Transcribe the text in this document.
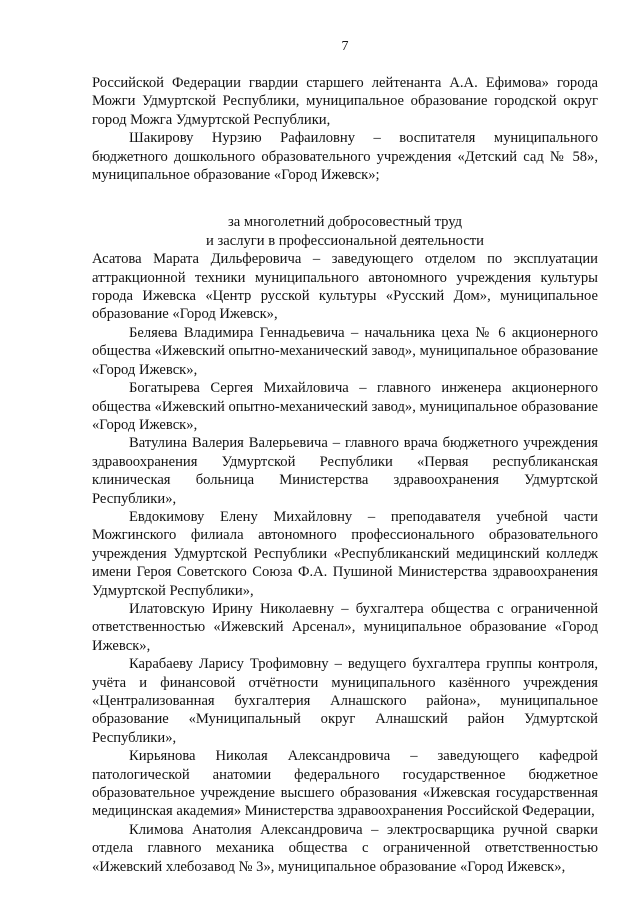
7

Российской Федерации гвардии старшего лейтенанта А.А. Ефимова» города Можги Удмуртской Республики, муниципальное образование городской округ город Можга Удмуртской Республики,

Шакирову Нурзию Рафаиловну – воспитателя муниципального бюджетного дошкольного образовательного учреждения «Детский сад № 58», муниципальное образование «Город Ижевск»;

за многолетний добросовестный труд
и заслуги в профессиональной деятельности

Асатова Марата Дильферовича – заведующего отделом по эксплуатации аттракционной техники муниципального автономного учреждения культуры города Ижевска «Центр русской культуры «Русский Дом», муниципальное образование «Город Ижевск»,

Беляева Владимира Геннадьевича – начальника цеха № 6 акционерного общества «Ижевский опытно-механический завод», муниципальное образование «Город Ижевск»,

Богатырева Сергея Михайловича – главного инженера акционерного общества «Ижевский опытно-механический завод», муниципальное образование «Город Ижевск»,

Ватулина Валерия Валерьевича – главного врача бюджетного учреждения здравоохранения Удмуртской Республики «Первая республиканская клиническая больница Министерства здравоохранения Удмуртской Республики»,

Евдокимову Елену Михайловну – преподавателя учебной части Можгинского филиала автономного профессионального образовательного учреждения Удмуртской Республики «Республиканский медицинский колледж имени Героя Советского Союза Ф.А. Пушиной Министерства здравоохранения Удмуртской Республики»,

Илатовскую Ирину Николаевну – бухгалтера общества с ограниченной ответственностью «Ижевский Арсенал», муниципальное образование «Город Ижевск»,

Карабаеву Ларису Трофимовну – ведущего бухгалтера группы контроля, учёта и финансовой отчётности муниципального казённого учреждения «Централизованная бухгалтерия Алнашского района», муниципальное образование «Муниципальный округ Алнашский район Удмуртской Республики»,

Кирьянова Николая Александровича – заведующего кафедрой патологической анатомии федерального государственное бюджетное образовательное учреждение высшего образования «Ижевская государственная медицинская академия» Министерства здравоохранения Российской Федерации,

Климова Анатолия Александровича – электросварщика ручной сварки отдела главного механика общества с ограниченной ответственностью «Ижевский хлебозавод № 3», муниципальное образование «Город Ижевск»,
